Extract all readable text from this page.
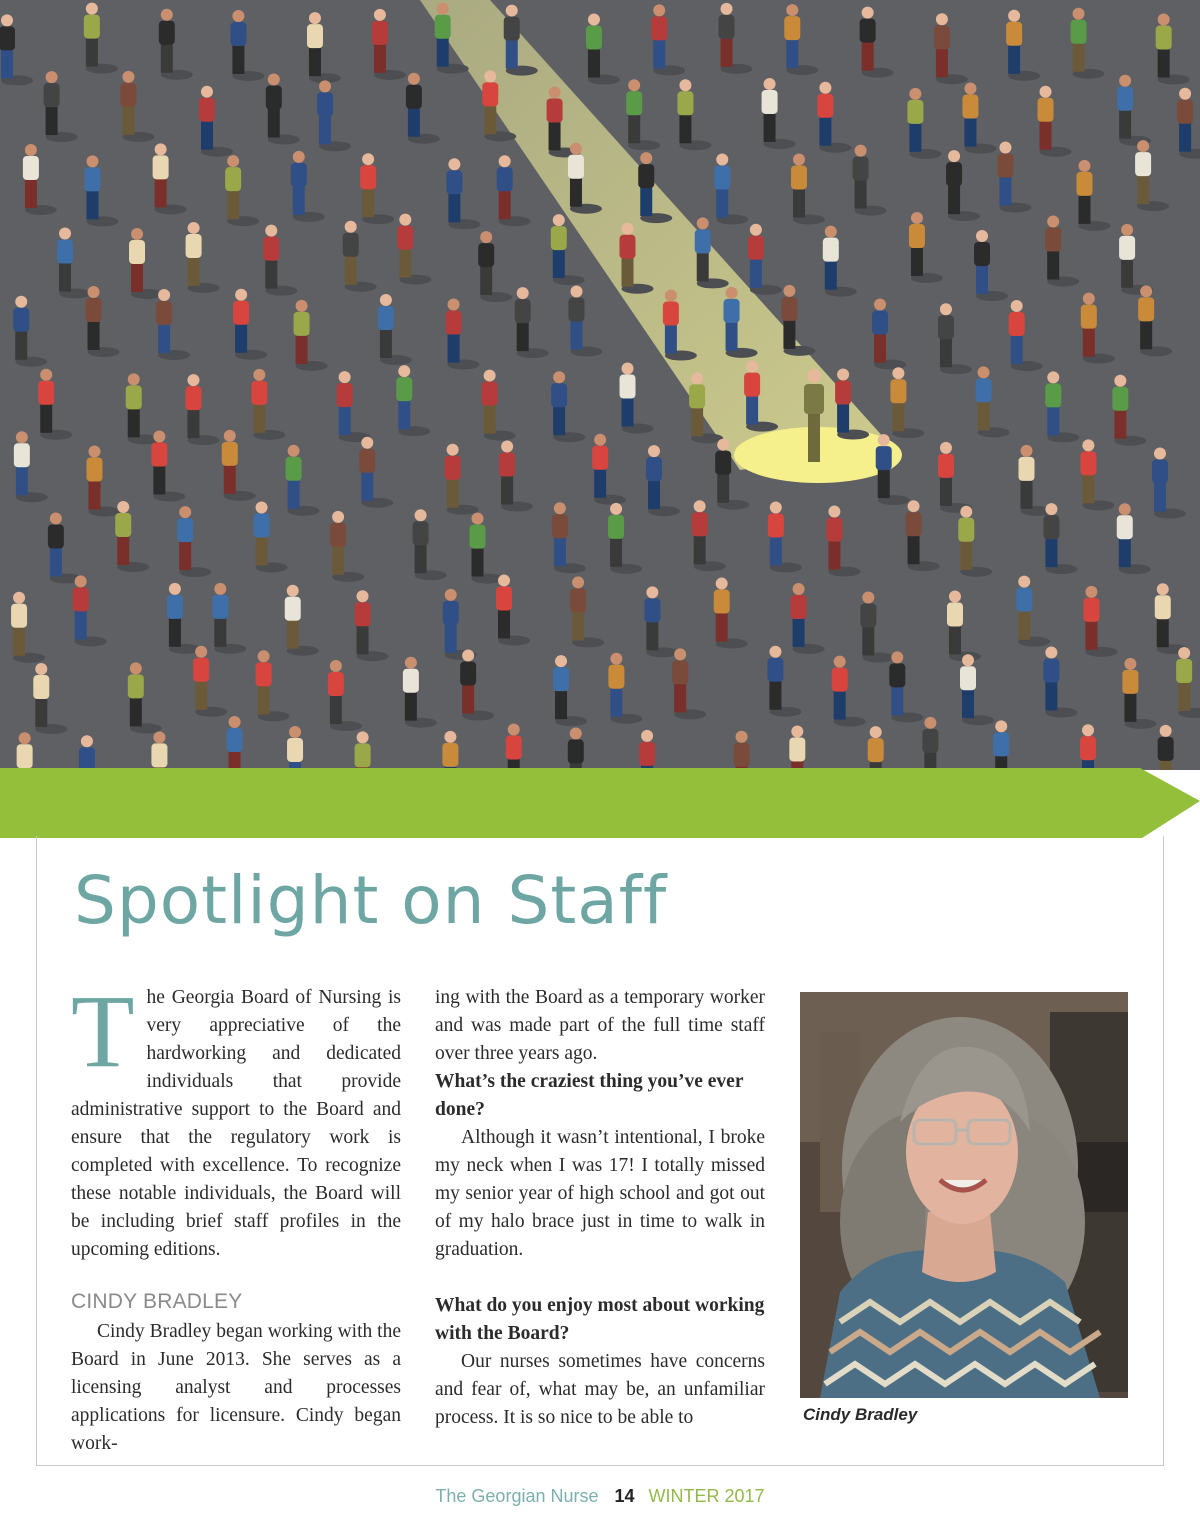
Spotlight on Staff

The Georgia Board of Nursing is very appreciative of the hardworking and dedicated individuals that provide administrative support to the Board and ensure that the regulatory work is completed with excellence. To recognize these notable individuals, the Board will be including brief staff profiles in the upcoming editions.

CINDY BRADLEY

Cindy Bradley began working with the Board in June 2013. She serves as a licensing analyst and processes applications for licensure. Cindy began work-

ing with the Board as a temporary worker and was made part of the full time staff over three years ago.

What’s the craziest thing you’ve ever done?

Although it wasn’t intentional, I broke my neck when I was 17! I totally missed my senior year of high school and got out of my halo brace just in time to walk in graduation.

What do you enjoy most about working with the Board?

Our nurses sometimes have concerns and fear of, what may be, an unfamiliar process. It is so nice to be able to	Cindy Bradley
The Georgian Nurse 14 WINTER 2017
